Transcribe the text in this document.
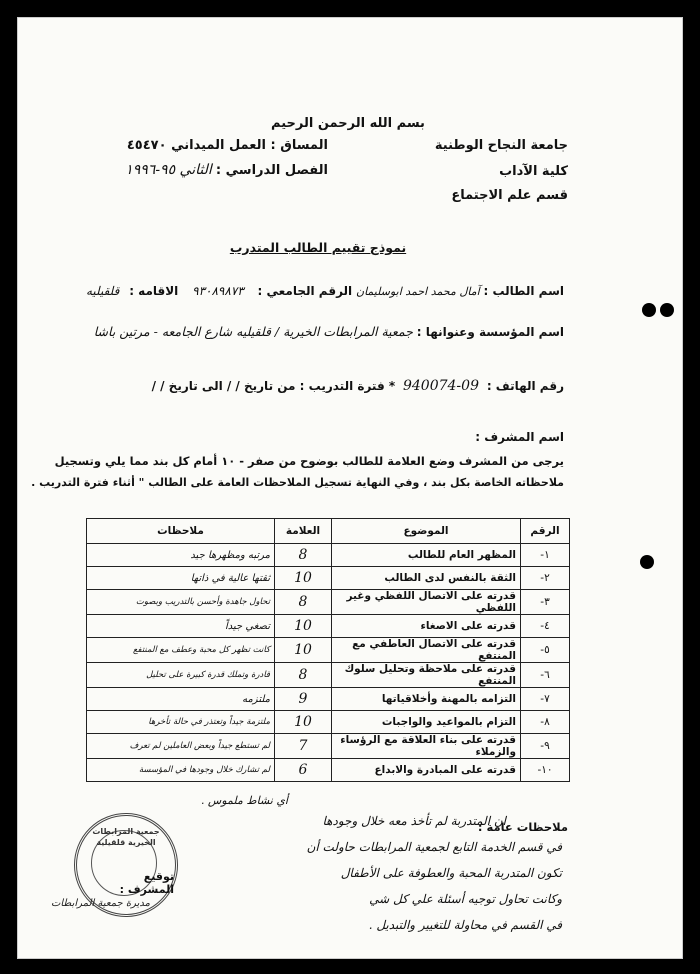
بسم الله الرحمن الرحيم
جامعة النجاح الوطنية
كلية الآداب
قسم علم الاجتماع
المساق : العمل الميداني ٤٥٤٧٠
الفصل الدراسي : الثاني ٩٥-١٩٩٦
نموذج تقييم الطالب المتدرب
اسم الطالب : آمال محمد احمد ابوسليمان الرقم الجامعي : ٩٣٠٨٩٨٧٣ الاقامه : قلقيليه
اسم المؤسسة وعنوانها : جمعية المرابطات الخيرية / قلقيليه شارع الجامعه - مرتين باشا
رقم الهاتف : 09-940074 * فترة التدريب : من تاريخ / / الى تاريخ / /
اسم المشرف :
يرجى من المشرف وضع العلامة للطالب بوضوح من صفر - ١٠ أمام كل بند مما يلي وتسجيل
ملاحظاته الخاصة بكل بند ، وفي النهاية تسجيل الملاحظات العامة على الطالب " أثناء فترة التدريب .
الرقم	الموضوع	العلامة	ملاحظات
١-	المظهر العام للطالب	8	مرتبه ومظهرها جيد
٢-	الثقة بالنفس لدى الطالب	10	ثقتها عالية في ذاتها
٣-	قدرته على الاتصال اللفظي وغير اللفظي	8	تحاول جاهدة وأحسن بالتدريب وبصوت
٤-	قدرته على الاصغاء	10	تصغي جيداً
٥-	قدرته على الاتصال العاطفي مع المنتفع	10	كانت تظهر كل محبة وعطف مع المنتفع
٦-	قدرته على ملاحظة وتحليل سلوك المنتفع	8	قادرة وتملك قدرة كبيرة على تحليل
٧-	التزامه بالمهنة وأخلاقياتها	9	ملتزمه
٨-	التزام بالمواعيد والواجبات	10	ملتزمة جيداً وتعتذر في حالة تأخرها
٩-	قدرته على بناء العلاقة مع الرؤساء والزملاء	7	لم تستطع جيداً وبعض العاملين لم تعرف
١٠-	قدرته على المبادرة والابداع	6	لم تشارك خلال وجودها في المؤسسة
أي نشاط ملموس .
ملاحظات عامة :
ان المتدربة لم تأخذ معه خلال وجودها
في قسم الخدمة التابع لجمعية المرابطات حاولت أن
تكون المتدربة المحبة والعطوفة على الأطفال
وكانت تحاول توجيه أسئلة علي كل شي
في القسم في محاولة للتغيير والتبديل .
جمعية المرابطات الخيرية قلقيلية
توقيع المشرف :
مديرة جمعية المرابطات
